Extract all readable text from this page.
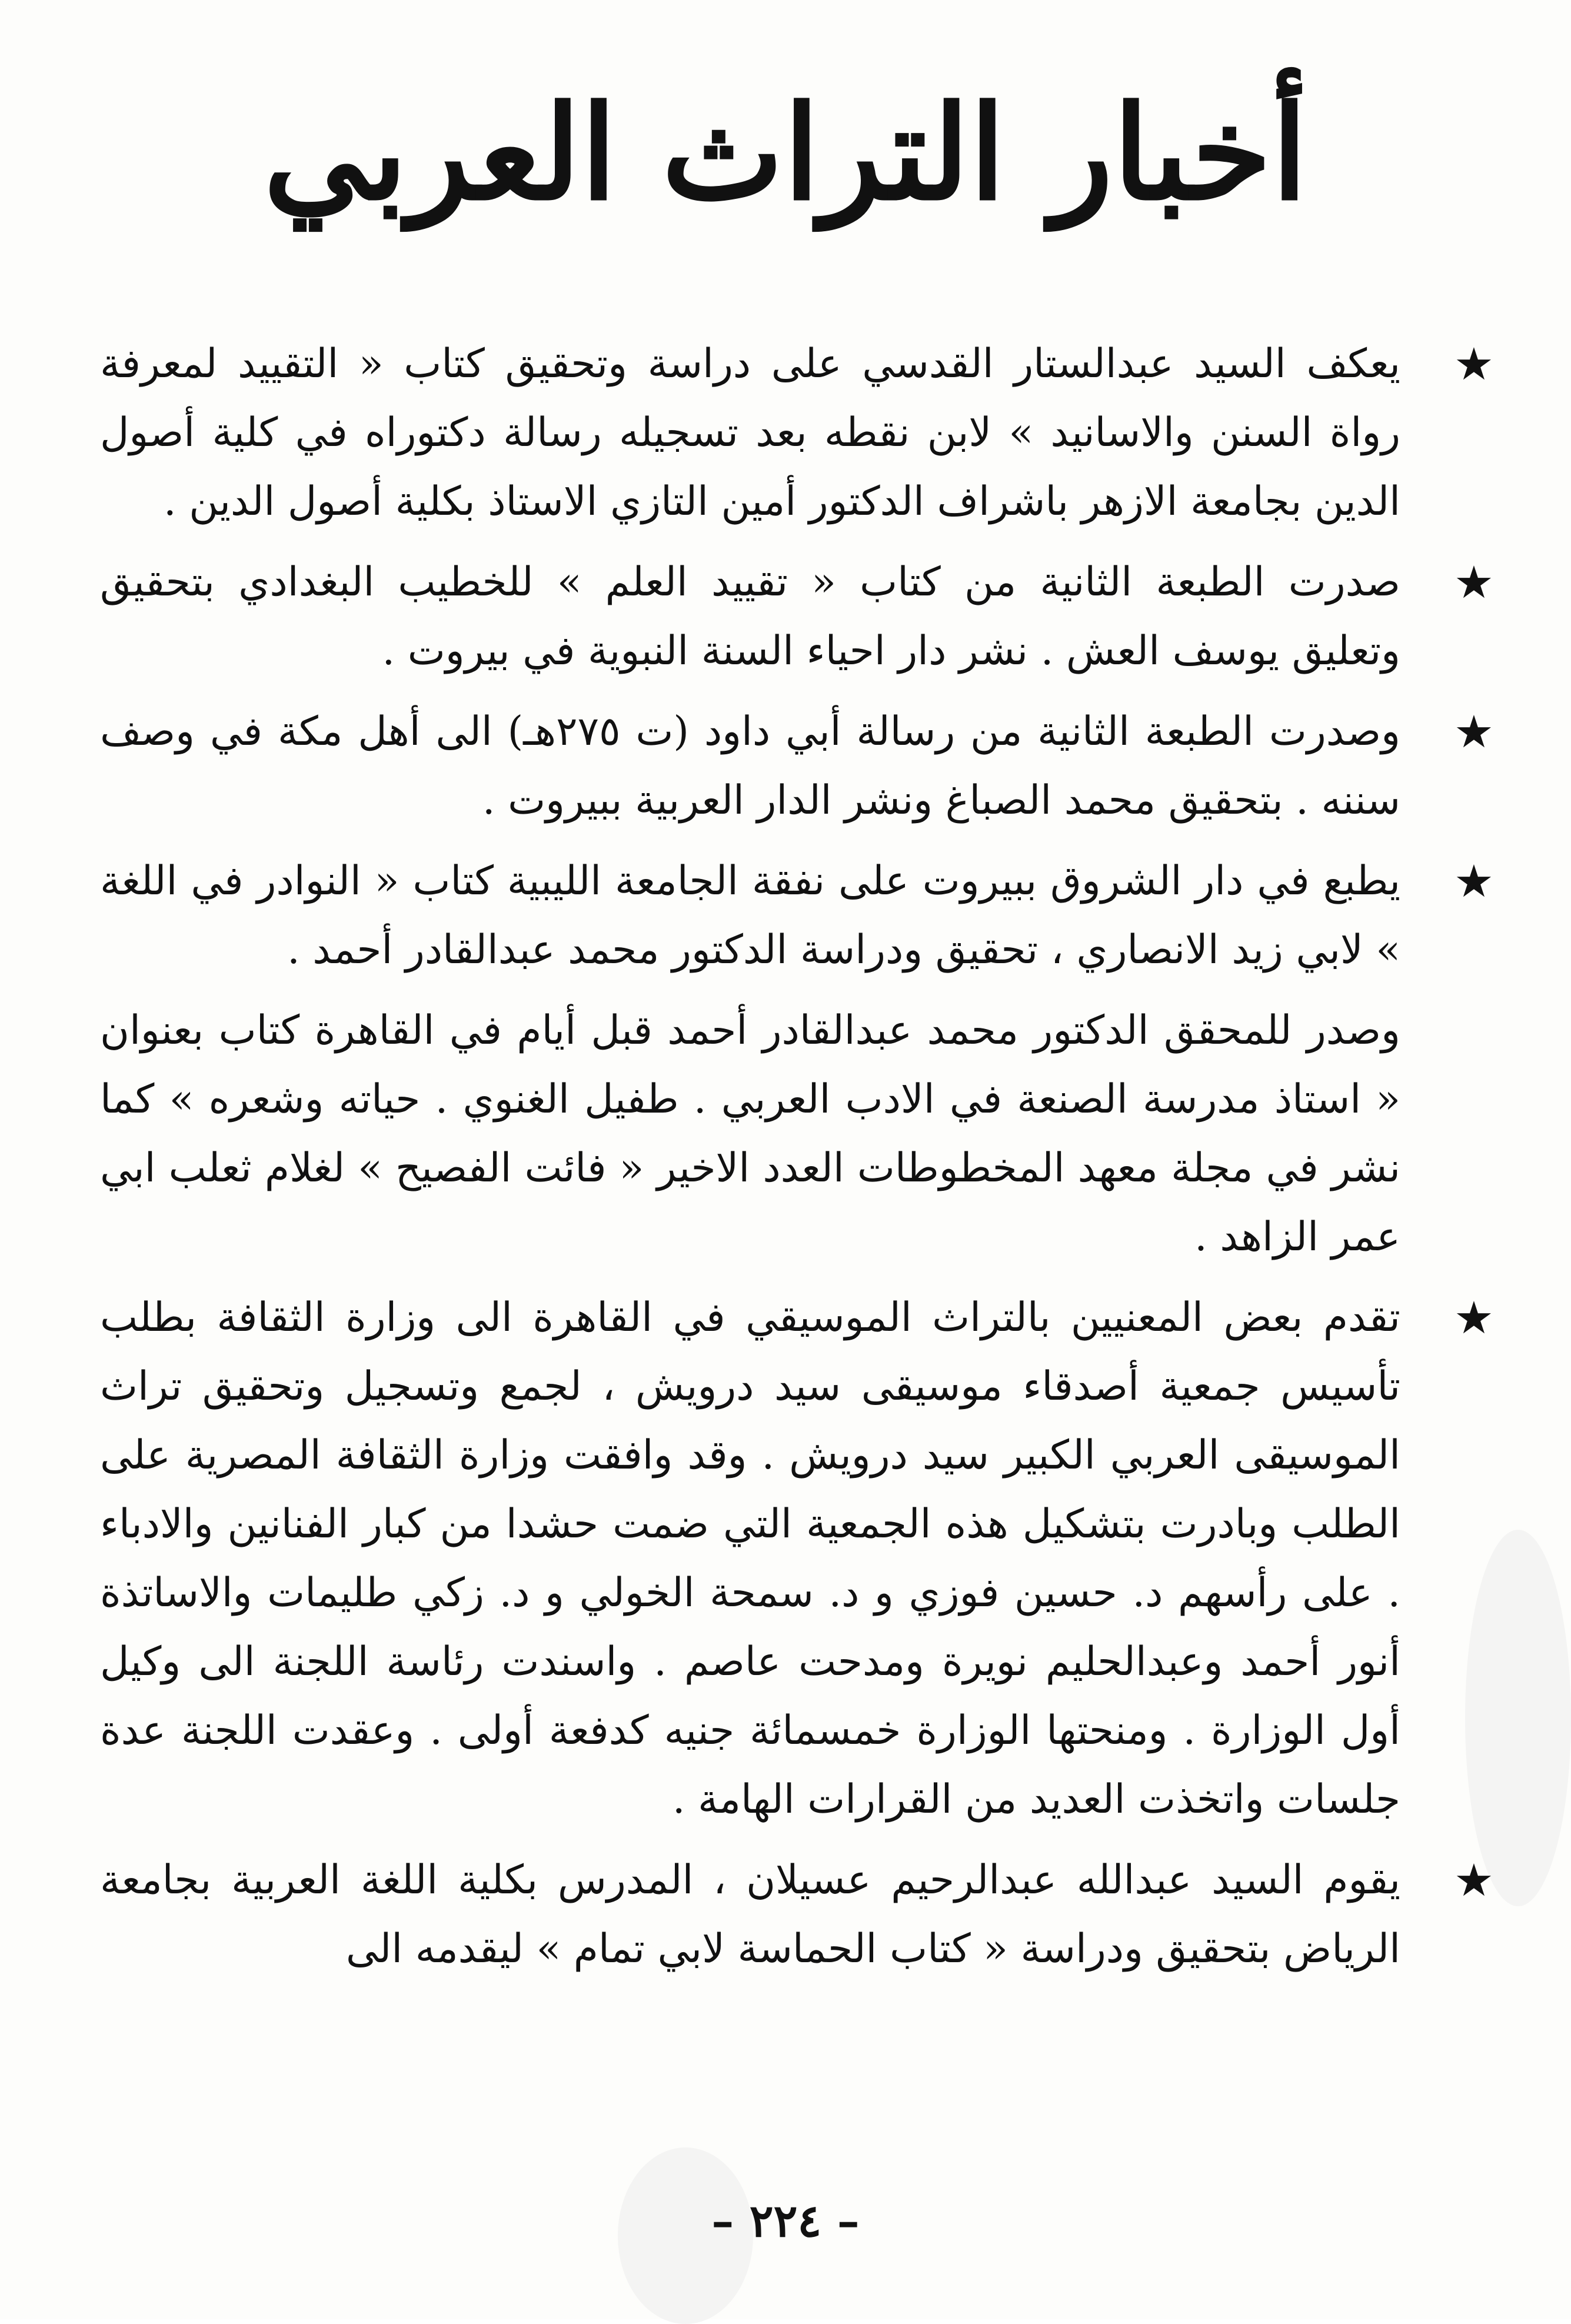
أخبار التراث العربي

★
يعكف السيد عبدالستار القدسي على دراسة وتحقيق كتاب « التقييد لمعرفة رواة السنن والاسانيد » لابن نقطه بعد تسجيله رسالة دكتوراه في كلية أصول الدين بجامعة الازهر باشراف الدكتور أمين التازي الاستاذ بكلية أصول الدين .

★
صدرت الطبعة الثانية من كتاب « تقييد العلم » للخطيب البغدادي بتحقيق وتعليق يوسف العش . نشر دار احياء السنة النبوية في بيروت .

★
وصدرت الطبعة الثانية من رسالة أبي داود (ت ٢٧٥هـ) الى أهل مكة في وصف سننه . بتحقيق محمد الصباغ ونشر الدار العربية ببيروت .

★
يطبع في دار الشروق ببيروت على نفقة الجامعة الليبية كتاب « النوادر في اللغة » لابي زيد الانصاري ، تحقيق ودراسة الدكتور محمد عبدالقادر أحمد .

وصدر للمحقق الدكتور محمد عبدالقادر أحمد قبل أيام في القاهرة كتاب بعنوان « استاذ مدرسة الصنعة في الادب العربي . طفيل الغنوي . حياته وشعره » كما نشر في مجلة معهد المخطوطات العدد الاخير « فائت الفصيح » لغلام ثعلب ابي عمر الزاهد .

★
تقدم بعض المعنيين بالتراث الموسيقي في القاهرة الى وزارة الثقافة بطلب تأسيس جمعية أصدقاء موسيقى سيد درويش ، لجمع وتسجيل وتحقيق تراث الموسيقى العربي الكبير سيد درويش . وقد وافقت وزارة الثقافة المصرية على الطلب وبادرت بتشكيل هذه الجمعية التي ضمت حشدا من كبار الفنانين والادباء . على رأسهم د. حسين فوزي و د. سمحة الخولي و د. زكي طليمات والاساتذة أنور أحمد وعبدالحليم نويرة ومدحت عاصم . واسندت رئاسة اللجنة الى وكيل أول الوزارة . ومنحتها الوزارة خمسمائة جنيه كدفعة أولى . وعقدت اللجنة عدة جلسات واتخذت العديد من القرارات الهامة .

★
يقوم السيد عبدالله عبدالرحيم عسيلان ، المدرس بكلية اللغة العربية بجامعة الرياض بتحقيق ودراسة « كتاب الحماسة لابي تمام » ليقدمه الى

– ٢٢٤ –
